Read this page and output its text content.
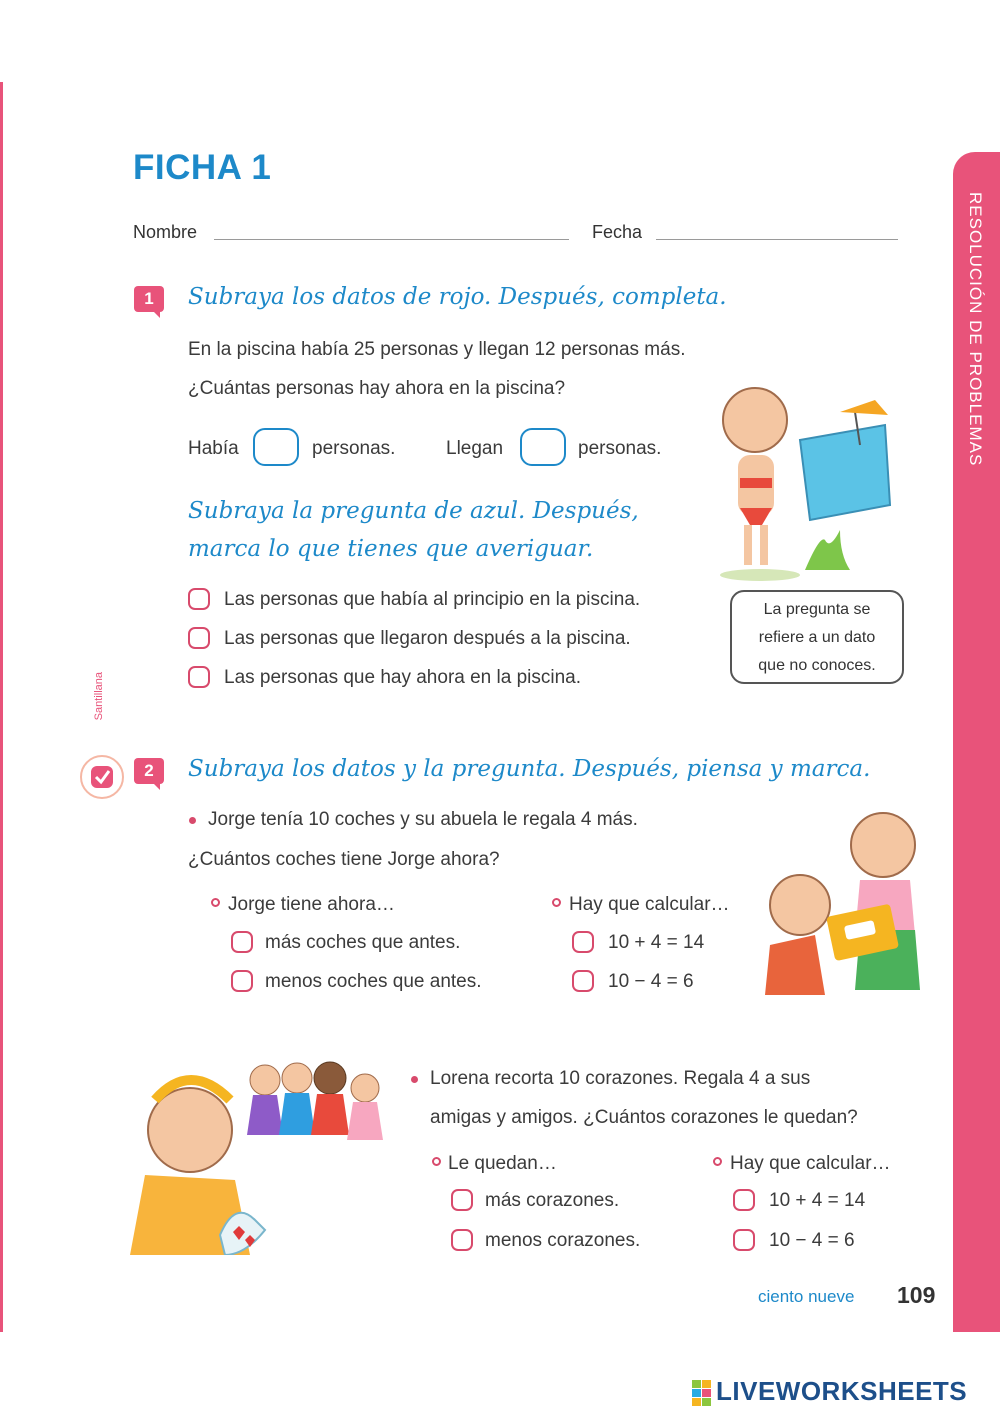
RESOLUCIÓN DE PROBLEMAS
FICHA 1
Nombre	Fecha
1	Subraya los datos de rojo. Después, completa.
En la piscina había 25 personas y llegan 12 personas más.
¿Cuántas personas hay ahora en la piscina?
Había	personas.	Llegan	personas.
Subraya la pregunta de azul. Después,
marca lo que tienes que averiguar.
Las personas que había al principio en la piscina.
Las personas que llegaron después a la piscina.
Las personas que hay ahora en la piscina.
La pregunta se
refiere a un dato
que no conoces.
Santillana
2	Subraya los datos y la pregunta. Después, piensa y marca.
Jorge tenía 10 coches y su abuela le regala 4 más.
¿Cuántos coches tiene Jorge ahora?
Jorge tiene ahora…
más coches que antes.
menos coches que antes.
Hay que calcular…
10 + 4 = 14
10 − 4 = 6
Lorena recorta 10 corazones. Regala 4 a sus
amigas y amigos. ¿Cuántos corazones le quedan?
Le quedan…
más corazones.
menos corazones.
Hay que calcular…
10 + 4 = 14
10 − 4 = 6
ciento nueve 109
LIVEWORKSHEETS
